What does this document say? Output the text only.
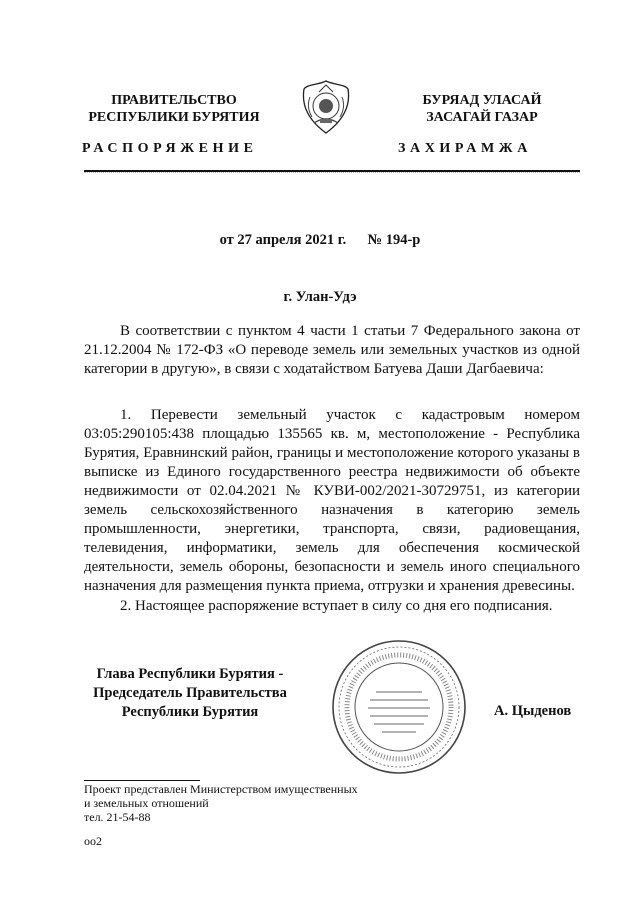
ПРАВИТЕЛЬСТВО
РЕСПУБЛИКИ БУРЯТИЯ
БУРЯАД УЛАСАЙ
ЗАСАГАЙ ГАЗАР
РАСПОРЯЖЕНИЕ	ЗАХИРАМЖА
от 27 апреля 2021 г. № 194-р
г. Улан-Удэ

В соответствии с пунктом 4 части 1 статьи 7 Федерального закона от 21.12.2004 № 172-ФЗ «О переводе земель или земельных участков из одной категории в другую», в связи с ходатайством Батуева Даши Дагбаевича:

1. Перевести земельный участок с кадастровым номером 03:05:290105:438 площадью 135565 кв. м, местоположение - Республика Бурятия, Еравнинский район, границы и местоположение которого указаны в выписке из Единого государственного реестра недвижимости об объекте недвижимости от 02.04.2021 № КУВИ-002/2021-30729751, из категории земель сельскохозяйственного назначения в категорию земель промышленности, энергетики, транспорта, связи, радиовещания, телевидения, информатики, земель для обеспечения космической деятельности, земель обороны, безопасности и земель иного специального назначения для размещения пункта приема, отгрузки и хранения древесины.

2. Настоящее распоряжение вступает в силу со дня его подписания.

Глава Республики Бурятия -
Председатель Правительства
Республики Бурятия	А. Цыденов
Проект представлен Министерством имущественных
и земельных отношений
тел. 21-54-88
оо2
